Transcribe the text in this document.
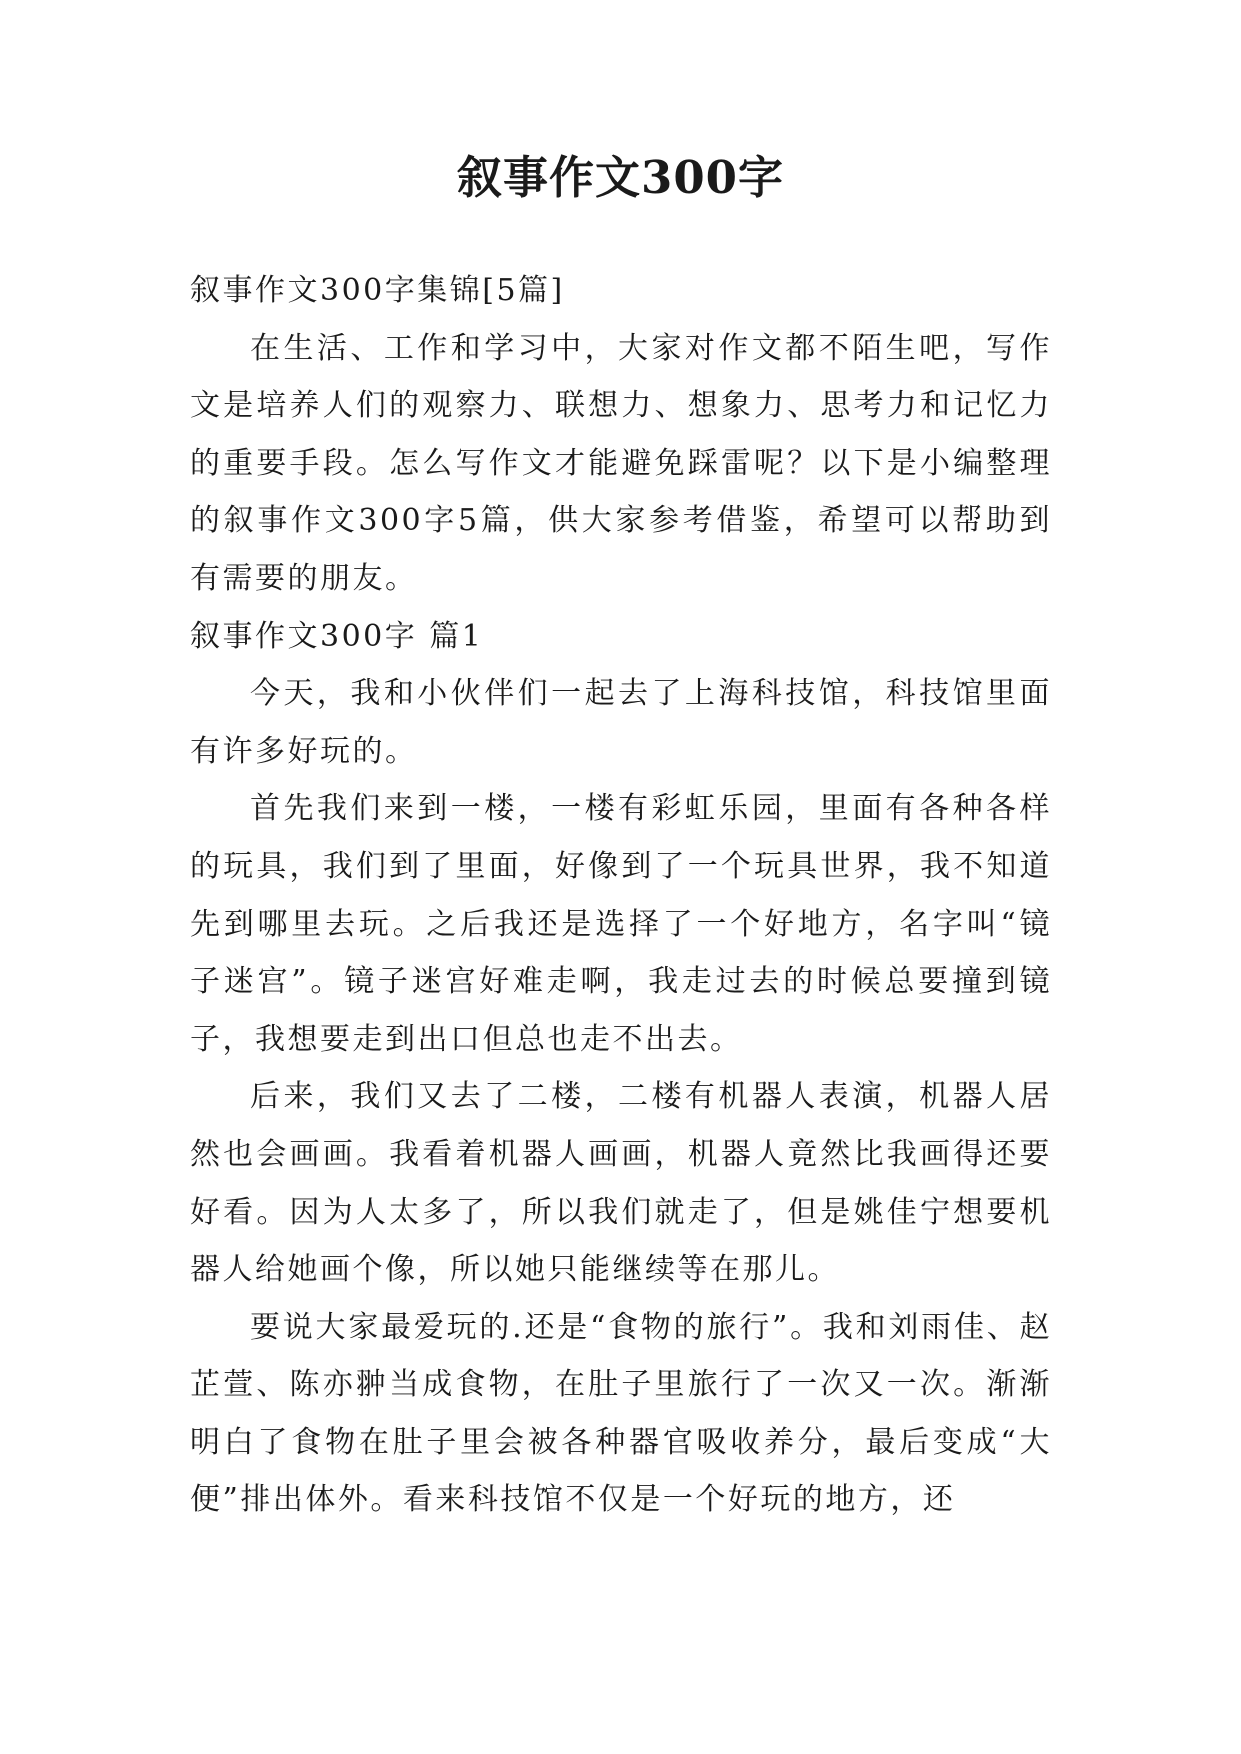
叙事作文300字

叙事作文300字集锦[5篇]

在生活、工作和学习中，大家对作文都不陌生吧，写作文是培养人们的观察力、联想力、想象力、思考力和记忆力的重要手段。怎么写作文才能避免踩雷呢？以下是小编整理的叙事作文300字5篇，供大家参考借鉴，希望可以帮助到有需要的朋友。

叙事作文300字 篇1

今天，我和小伙伴们一起去了上海科技馆，科技馆里面有许多好玩的。

首先我们来到一楼，一楼有彩虹乐园，里面有各种各样的玩具，我们到了里面，好像到了一个玩具世界，我不知道先到哪里去玩。之后我还是选择了一个好地方，名字叫“镜子迷宫”。镜子迷宫好难走啊，我走过去的时候总要撞到镜子，我想要走到出口但总也走不出去。

后来，我们又去了二楼，二楼有机器人表演，机器人居然也会画画。我看着机器人画画，机器人竟然比我画得还要好看。因为人太多了，所以我们就走了，但是姚佳宁想要机器人给她画个像，所以她只能继续等在那儿。

要说大家最爱玩的.还是“食物的旅行”。我和刘雨佳、赵芷萱、陈亦翀当成食物，在肚子里旅行了一次又一次。渐渐明白了食物在肚子里会被各种器官吸收养分，最后变成“大便”排出体外。看来科技馆不仅是一个好玩的地方，还
